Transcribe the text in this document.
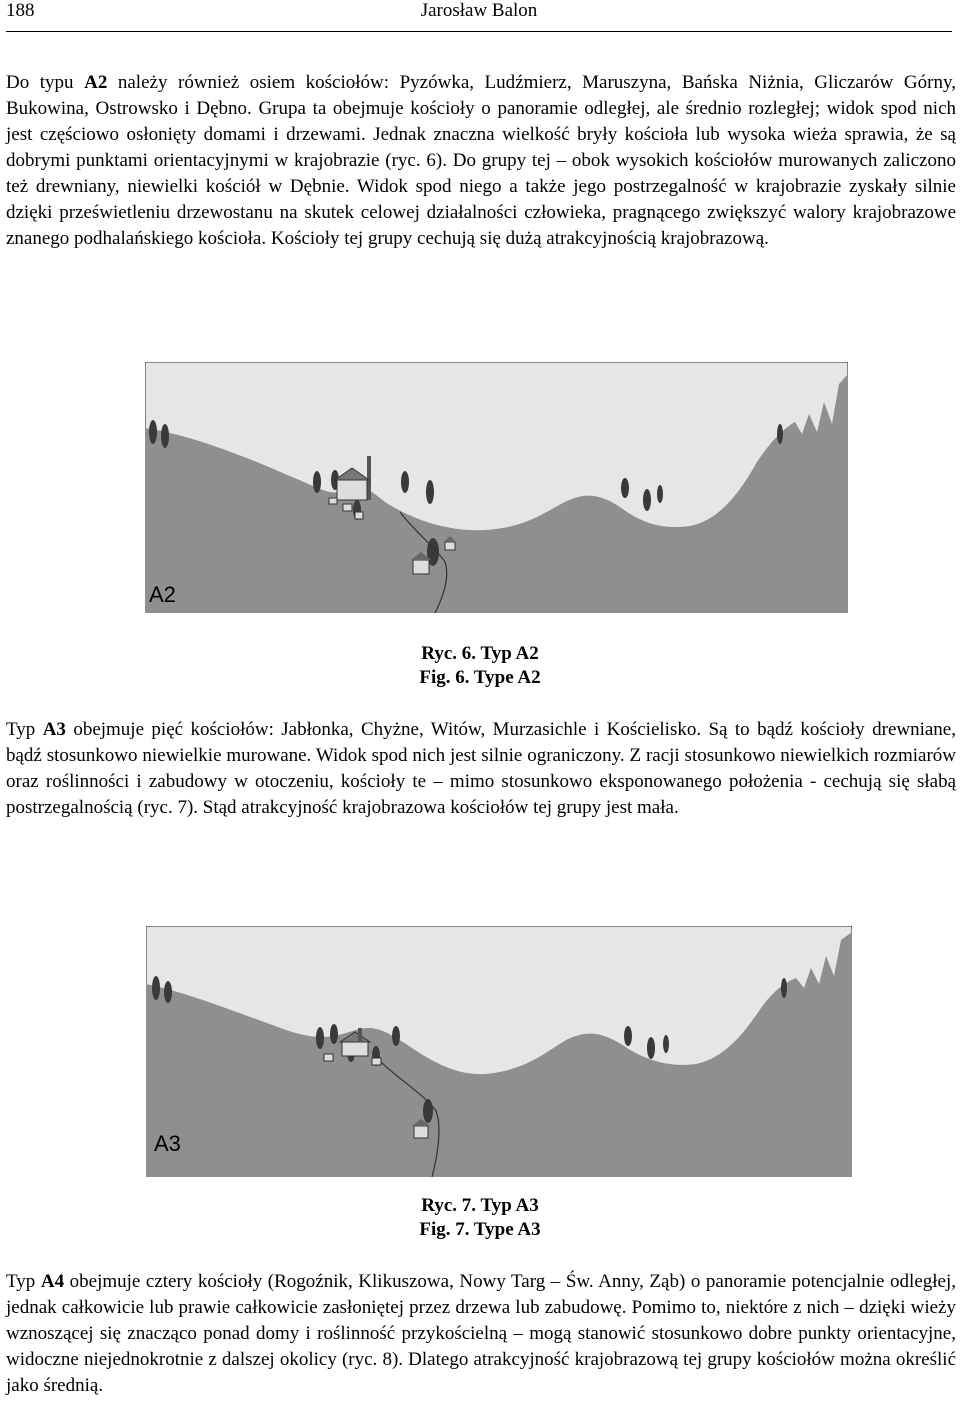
188	Jarosław Balon

Do typu A2 należy również osiem kościołów: Pyzówka, Ludźmierz, Maruszyna, Bańska Niżnia, Gliczarów Górny, Bukowina, Ostrowsko i Dębno. Grupa ta obejmuje kościoły o panoramie odległej, ale średnio rozległej; widok spod nich jest częściowo osłonięty domami i drzewami. Jednak znaczna wielkość bryły kościoła lub wysoka wieża sprawia, że są dobrymi punktami orientacyjnymi w krajobrazie (ryc. 6). Do grupy tej – obok wysokich kościołów murowanych zaliczono też drewniany, niewielki kościół w Dębnie. Widok spod niego a także jego postrzegalność w krajobrazie zyskały silnie dzięki prześwietleniu drzewostanu na skutek celowej działalności człowieka, pragnącego zwiększyć walory krajobrazowe znanego podhalańskiego kościoła. Kościoły tej grupy cechują się dużą atrakcyjnością krajobrazową.

A2
Ryc. 6. Typ A2
Fig. 6. Type A2

Typ A3 obejmuje pięć kościołów: Jabłonka, Chyżne, Witów, Murzasichle i Kościelisko. Są to bądź kościoły drewniane, bądź stosunkowo niewielkie murowane. Widok spod nich jest silnie ograniczony. Z racji stosunkowo niewielkich rozmiarów oraz roślinności i zabudowy w otoczeniu, kościoły te – mimo stosunkowo eksponowanego położenia - cechują się słabą postrzegalnością (ryc. 7). Stąd atrakcyjność krajobrazowa kościołów tej grupy jest mała.

A3
Ryc. 7. Typ A3
Fig. 7. Type A3

Typ A4 obejmuje cztery kościoły (Rogoźnik, Klikuszowa, Nowy Targ – Św. Anny, Ząb) o panoramie potencjalnie odległej, jednak całkowicie lub prawie całkowicie zasłoniętej przez drzewa lub zabudowę. Pomimo to, niektóre z nich – dzięki wieży wznoszącej się znacząco ponad domy i roślinność przykościelną – mogą stanowić stosunkowo dobre punkty orientacyjne, widoczne niejednokrotnie z dalszej okolicy (ryc. 8). Dlatego atrakcyjność krajobrazową tej grupy kościołów można określić jako średnią.
